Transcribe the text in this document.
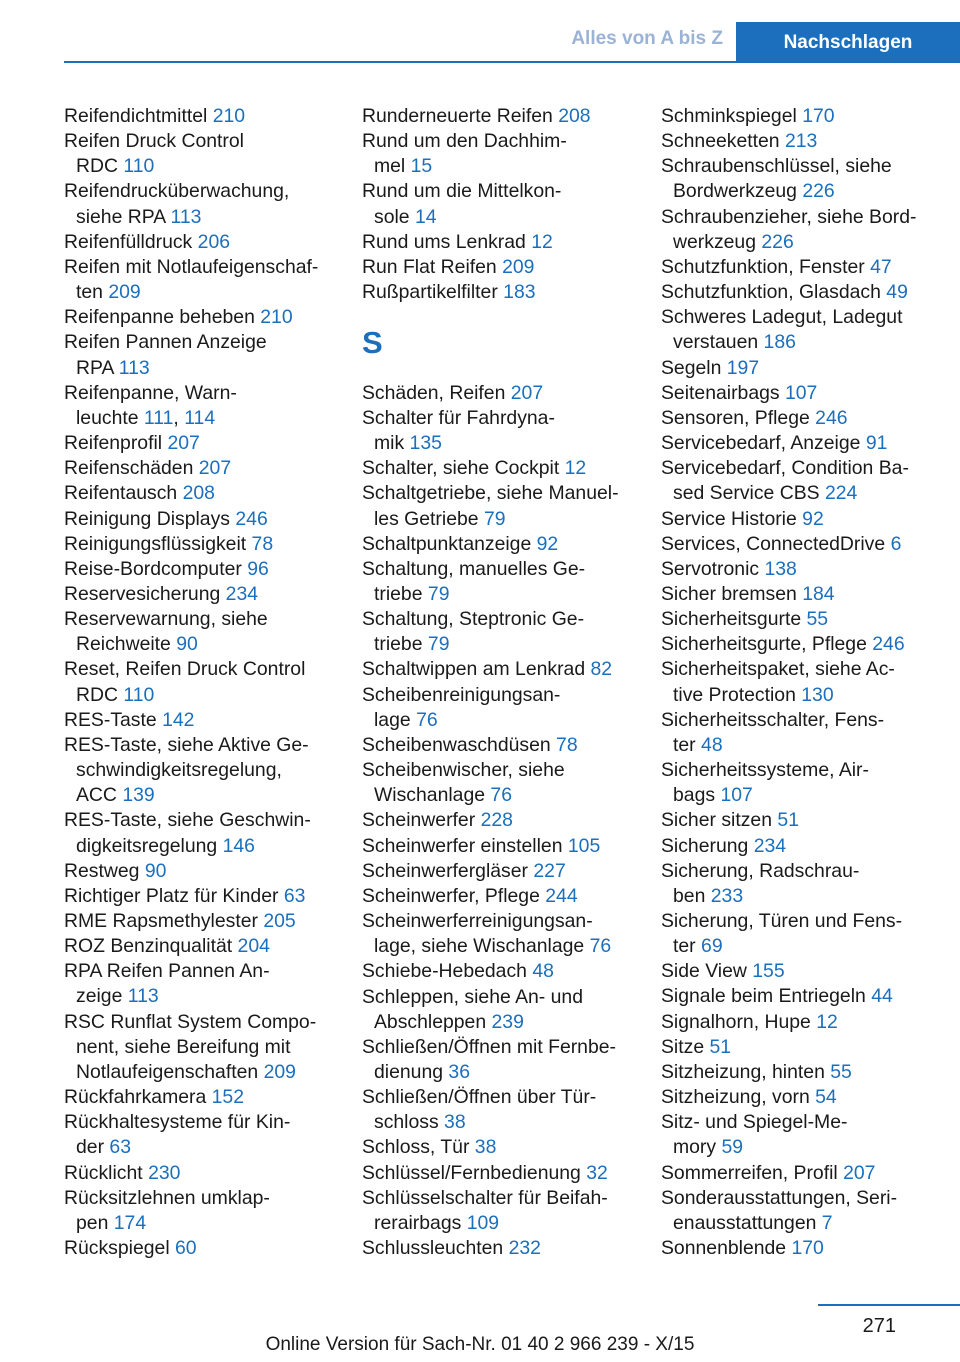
Alles von A bis Z	Nachschlagen
Reifendichtmittel 210
Reifen Druck Control
RDC 110
Reifendrucküberwachung,
siehe RPA 113
Reifenfülldruck 206
Reifen mit Notlaufeigenschaf-
ten 209
Reifenpanne beheben 210
Reifen Pannen Anzeige
RPA 113
Reifenpanne, Warn-
leuchte 111, 114
Reifenprofil 207
Reifenschäden 207
Reifentausch 208
Reinigung Displays 246
Reinigungsflüssigkeit 78
Reise-Bordcomputer 96
Reservesicherung 234
Reservewarnung, siehe
Reichweite 90
Reset, Reifen Druck Control
RDC 110
RES-Taste 142
RES-Taste, siehe Aktive Ge-
schwindigkeitsregelung,
ACC 139
RES-Taste, siehe Geschwin-
digkeitsregelung 146
Restweg 90
Richtiger Platz für Kinder 63
RME Rapsmethylester 205
ROZ Benzinqualität 204
RPA Reifen Pannen An-
zeige 113
RSC Runflat System Compo-
nent, siehe Bereifung mit
Notlaufeigenschaften 209
Rückfahrkamera 152
Rückhaltesysteme für Kin-
der 63
Rücklicht 230
Rücksitzlehnen umklap-
pen 174
Rückspiegel 60
Runderneuerte Reifen 208
Rund um den Dachhim-
mel 15
Rund um die Mittelkon-
sole 14
Rund ums Lenkrad 12
Run Flat Reifen 209
Rußpartikelfilter 183
S
Schäden, Reifen 207
Schalter für Fahrdyna-
mik 135
Schalter, siehe Cockpit 12
Schaltgetriebe, siehe Manuel-
les Getriebe 79
Schaltpunktanzeige 92
Schaltung, manuelles Ge-
triebe 79
Schaltung, Steptronic Ge-
triebe 79
Schaltwippen am Lenkrad 82
Scheibenreinigungsan-
lage 76
Scheibenwaschdüsen 78
Scheibenwischer, siehe
Wischanlage 76
Scheinwerfer 228
Scheinwerfer einstellen 105
Scheinwerfergläser 227
Scheinwerfer, Pflege 244
Scheinwerferreinigungsan-
lage, siehe Wischanlage 76
Schiebe-Hebedach 48
Schleppen, siehe An- und
Abschleppen 239
Schließen/Öffnen mit Fernbe-
dienung 36
Schließen/Öffnen über Tür-
schloss 38
Schloss, Tür 38
Schlüssel/Fernbedienung 32
Schlüsselschalter für Beifah-
rerairbags 109
Schlussleuchten 232
Schminkspiegel 170
Schneeketten 213
Schraubenschlüssel, siehe
Bordwerkzeug 226
Schraubenzieher, siehe Bord-
werkzeug 226
Schutzfunktion, Fenster 47
Schutzfunktion, Glasdach 49
Schweres Ladegut, Ladegut
verstauen 186
Segeln 197
Seitenairbags 107
Sensoren, Pflege 246
Servicebedarf, Anzeige 91
Servicebedarf, Condition Ba-
sed Service CBS 224
Service Historie 92
Services, ConnectedDrive 6
Servotronic 138
Sicher bremsen 184
Sicherheitsgurte 55
Sicherheitsgurte, Pflege 246
Sicherheitspaket, siehe Ac-
tive Protection 130
Sicherheitsschalter, Fens-
ter 48
Sicherheitssysteme, Air-
bags 107
Sicher sitzen 51
Sicherung 234
Sicherung, Radschrau-
ben 233
Sicherung, Türen und Fens-
ter 69
Side View 155
Signale beim Entriegeln 44
Signalhorn, Hupe 12
Sitze 51
Sitzheizung, hinten 55
Sitzheizung, vorn 54
Sitz- und Spiegel-Me-
mory 59
Sommerreifen, Profil 207
Sonderausstattungen, Seri-
enausstattungen 7
Sonnenblende 170
271
Online Version für Sach-Nr. 01 40 2 966 239 - X/15
